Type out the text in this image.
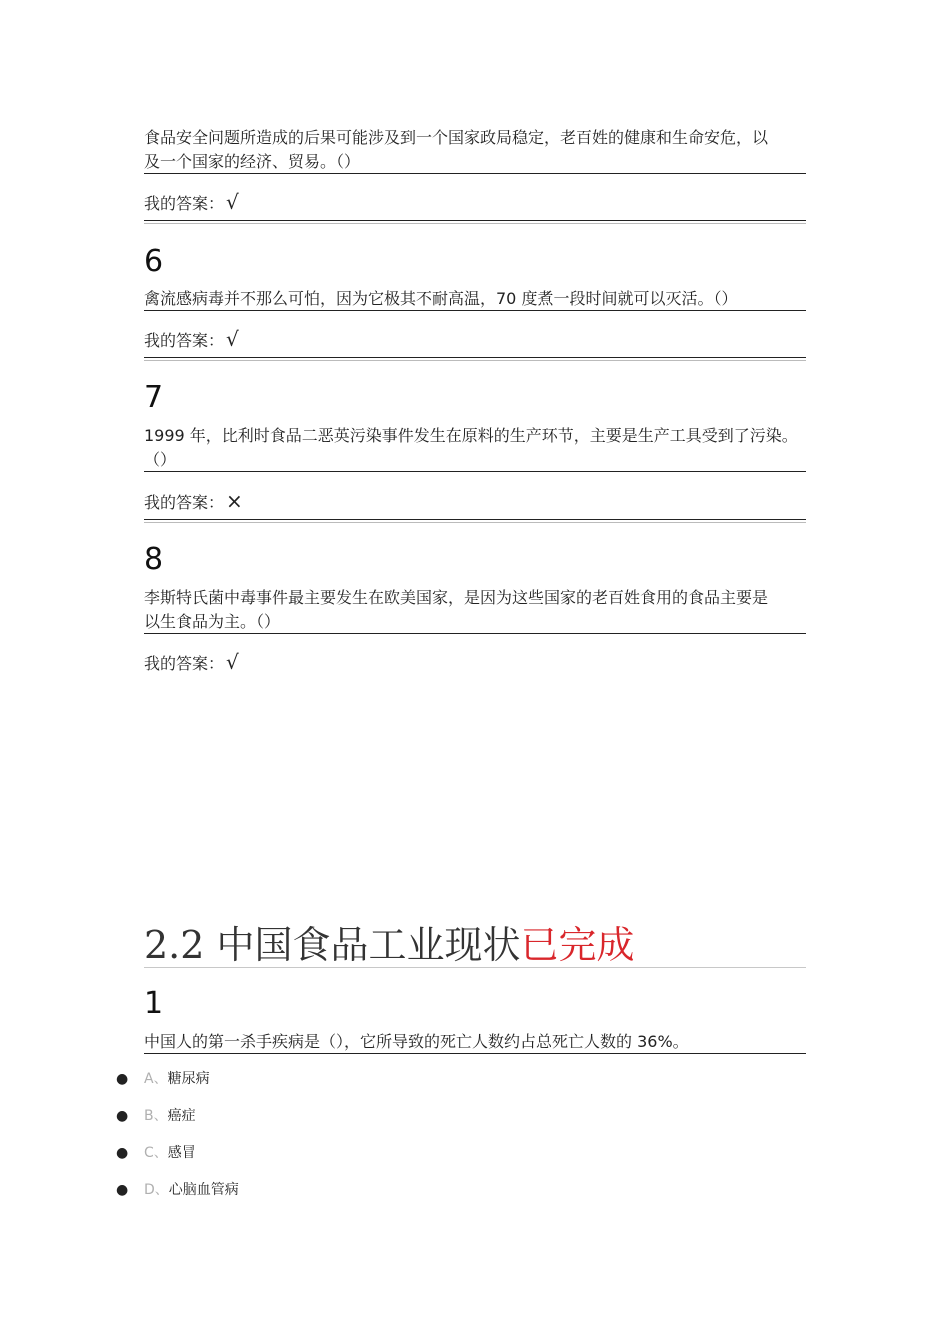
食品安全问题所造成的后果可能涉及到一个国家政局稳定，老百姓的健康和生命安危，以
及一个国家的经济、贸易。（）
我的答案： √
6
禽流感病毒并不那么可怕，因为它极其不耐高温，70 度煮一段时间就可以灭活。（）
我的答案： √
7
1999 年，比利时食品二恶英污染事件发生在原料的生产环节，主要是生产工具受到了污染。
（）
我的答案： ×
8
李斯特氏菌中毒事件最主要发生在欧美国家，是因为这些国家的老百姓食用的食品主要是
以生食品为主。（）
我的答案： √
2.2 中国食品工业现状已完成
1
中国人的第一杀手疾病是（），它所导致的死亡人数约占总死亡人数的 36%。
● A、糖尿病
● B、癌症
● C、感冒
● D、心脑血管病
